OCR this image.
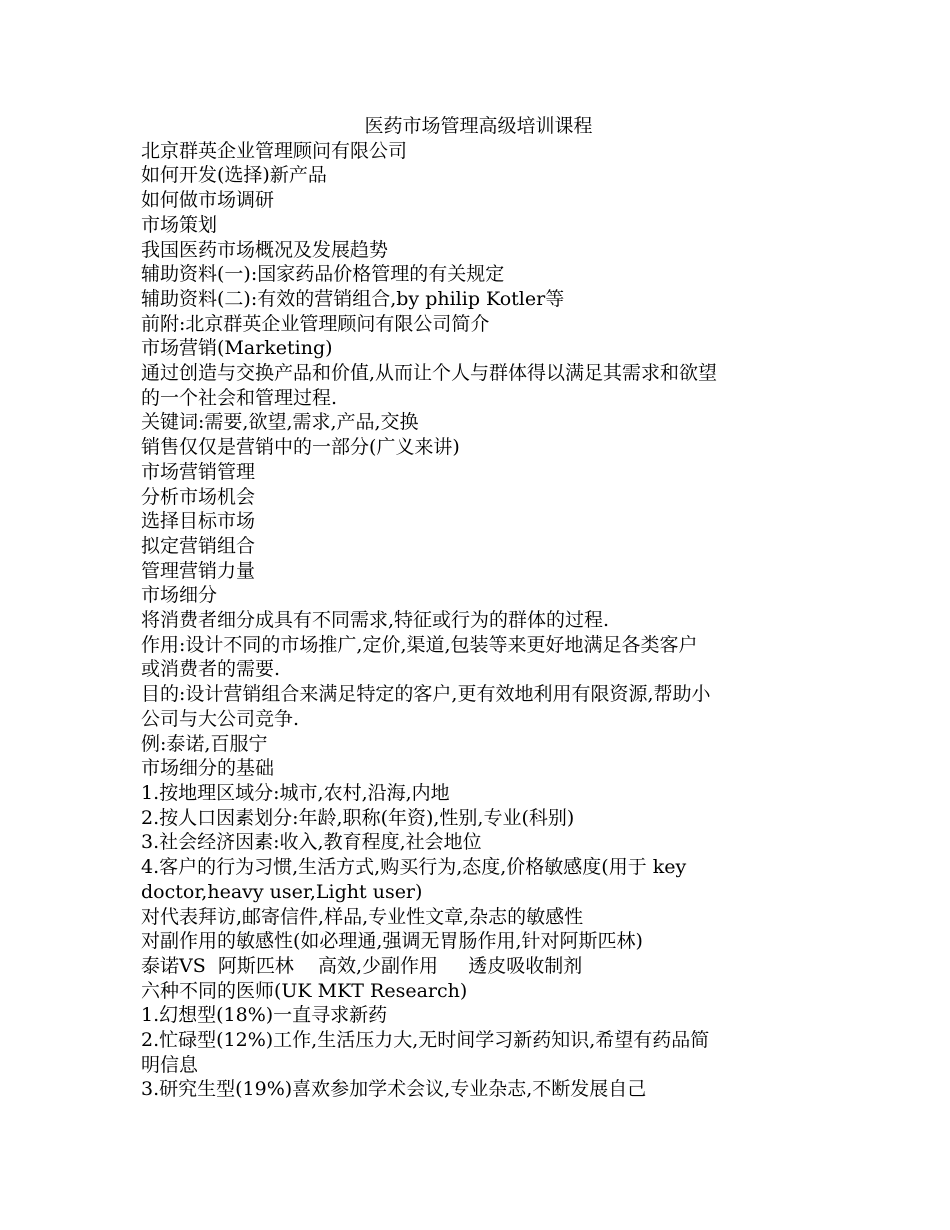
医药市场管理高级培训课程

北京群英企业管理顾问有限公司

如何开发(选择)新产品

如何做市场调研

市场策划

我国医药市场概况及发展趋势

辅助资料(一):国家药品价格管理的有关规定

辅助资料(二):有效的营销组合,by philip Kotler等

前附:北京群英企业管理顾问有限公司简介

市场营销(Marketing)

通过创造与交换产品和价值,从而让个人与群体得以满足其需求和欲望

的一个社会和管理过程.

关键词:需要,欲望,需求,产品,交换

销售仅仅是营销中的一部分(广义来讲)

市场营销管理

分析市场机会

选择目标市场

拟定营销组合

管理营销力量

市场细分

将消费者细分成具有不同需求,特征或行为的群体的过程.

作用:设计不同的市场推广,定价,渠道,包装等来更好地满足各类客户

或消费者的需要.

目的:设计营销组合来满足特定的客户,更有效地利用有限资源,帮助小

公司与大公司竞争.

例:泰诺,百服宁

市场细分的基础

1.按地理区域分:城市,农村,沿海,内地

2.按人口因素划分:年龄,职称(年资),性别,专业(科别)

3.社会经济因素:收入,教育程度,社会地位

4.客户的行为习惯,生活方式,购买行为,态度,价格敏感度(用于 key

doctor,heavy user,Light user)

对代表拜访,邮寄信件,样品,专业性文章,杂志的敏感性

对副作用的敏感性(如必理通,强调无胃肠作用,针对阿斯匹林)

泰诺VS  阿斯匹林    高效,少副作用     透皮吸收制剂

六种不同的医师(UK MKT Research)

1.幻想型(18%)一直寻求新药

2.忙碌型(12%)工作,生活压力大,无时间学习新药知识,希望有药品简

明信息

3.研究生型(19%)喜欢参加学术会议,专业杂志,不断发展自己
